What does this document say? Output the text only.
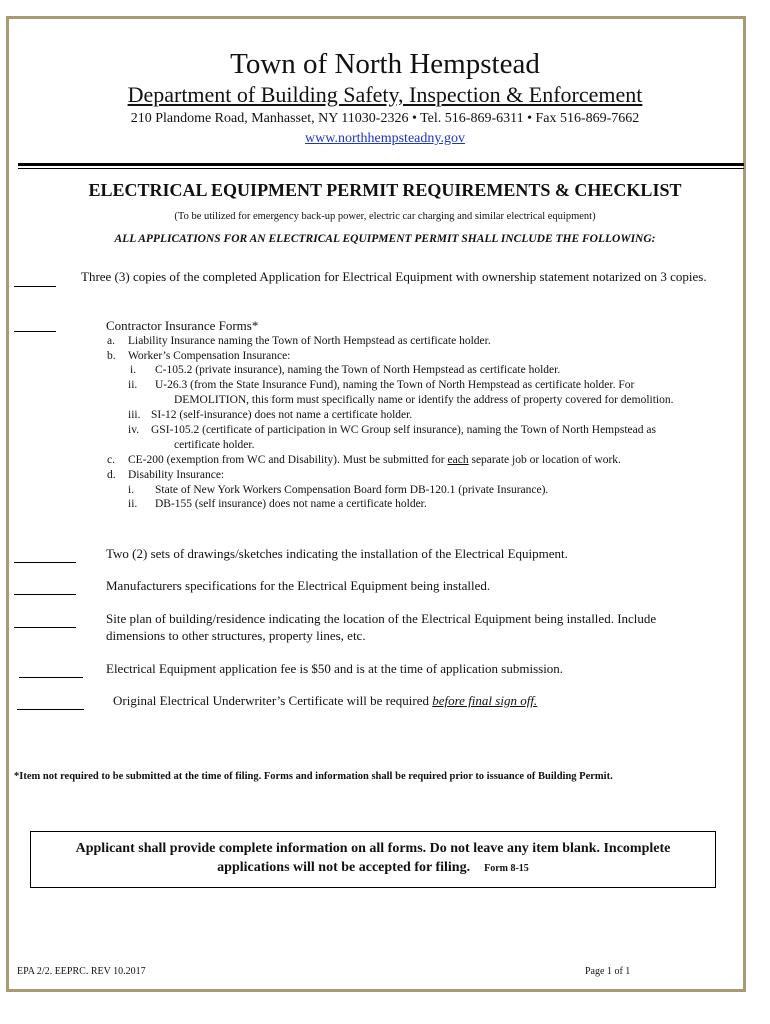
Town of North Hempstead
Department of Building Safety, Inspection & Enforcement
210 Plandome Road, Manhasset, NY 11030-2326 • Tel. 516-869-6311 • Fax 516-869-7662
www.northhempsteadny.gov
ELECTRICAL EQUIPMENT PERMIT REQUIREMENTS & CHECKLIST
(To be utilized for emergency back-up power, electric car charging and similar electrical equipment)
ALL APPLICATIONS FOR AN ELECTRICAL EQUIPMENT PERMIT SHALL INCLUDE THE FOLLOWING:
Three (3) copies of the completed Application for Electrical Equipment with ownership statement notarized on 3 copies.
Contractor Insurance Forms*
a. Liability Insurance naming the Town of North Hempstead as certificate holder.
b. Worker’s Compensation Insurance:
i. C-105.2 (private insurance), naming the Town of North Hempstead as certificate holder.
ii. U-26.3 (from the State Insurance Fund), naming the Town of North Hempstead as certificate holder. For
DEMOLITION, this form must specifically name or identify the address of property covered for demolition.
iii. SI-12 (self-insurance) does not name a certificate holder.
iv. GSI-105.2 (certificate of participation in WC Group self insurance), naming the Town of North Hempstead as
certificate holder.
c. CE-200 (exemption from WC and Disability). Must be submitted for each separate job or location of work.
d. Disability Insurance:
i. State of New York Workers Compensation Board form DB-120.1 (private Insurance).
ii. DB-155 (self insurance) does not name a certificate holder.
Two (2) sets of drawings/sketches indicating the installation of the Electrical Equipment.
Manufacturers specifications for the Electrical Equipment being installed.
Site plan of building/residence indicating the location of the Electrical Equipment being installed. Include
dimensions to other structures, property lines, etc.
Electrical Equipment application fee is $50 and is at the time of application submission.
Original Electrical Underwriter’s Certificate will be required before final sign off.
*Item not required to be submitted at the time of filing. Forms and information shall be required prior to issuance of Building Permit.
Applicant shall provide complete information on all forms. Do not leave any item blank. Incomplete
applications will not be accepted for filing. Form 8-15
EPA 2/2. EEPRC. REV 10.2017	Page 1 of 1
